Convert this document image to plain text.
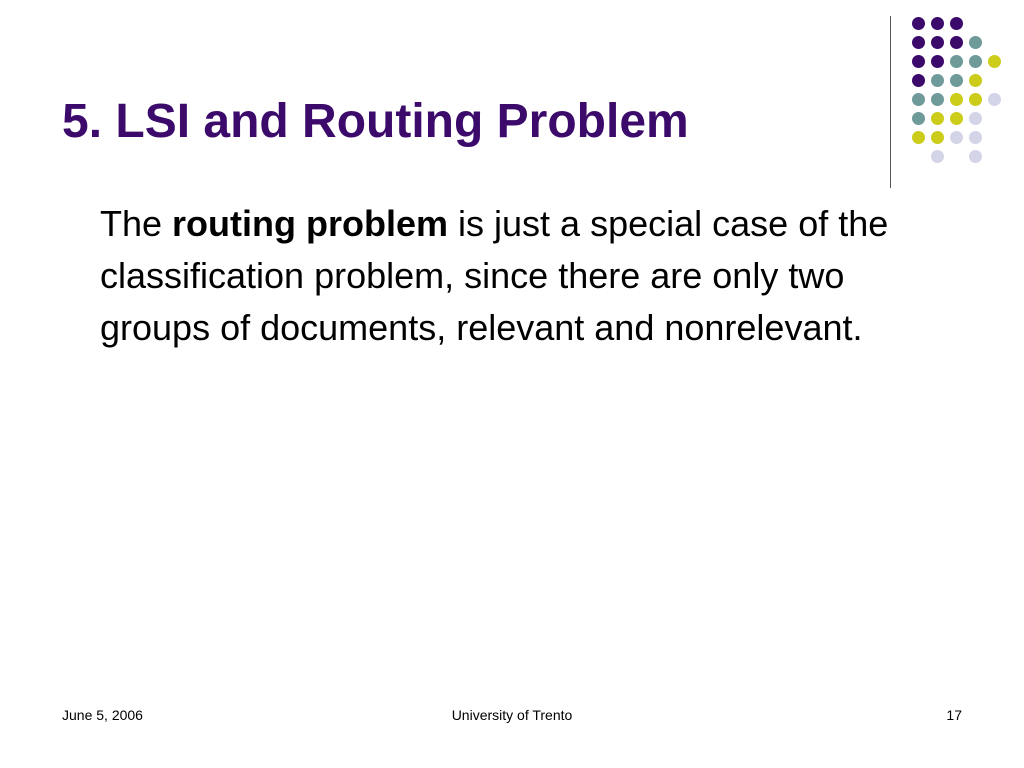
5. LSI and Routing Problem

The routing problem is just a special case of the classification problem, since there are only two groups of documents, relevant and nonrelevant.

June 5, 2006	University of Trento	17
